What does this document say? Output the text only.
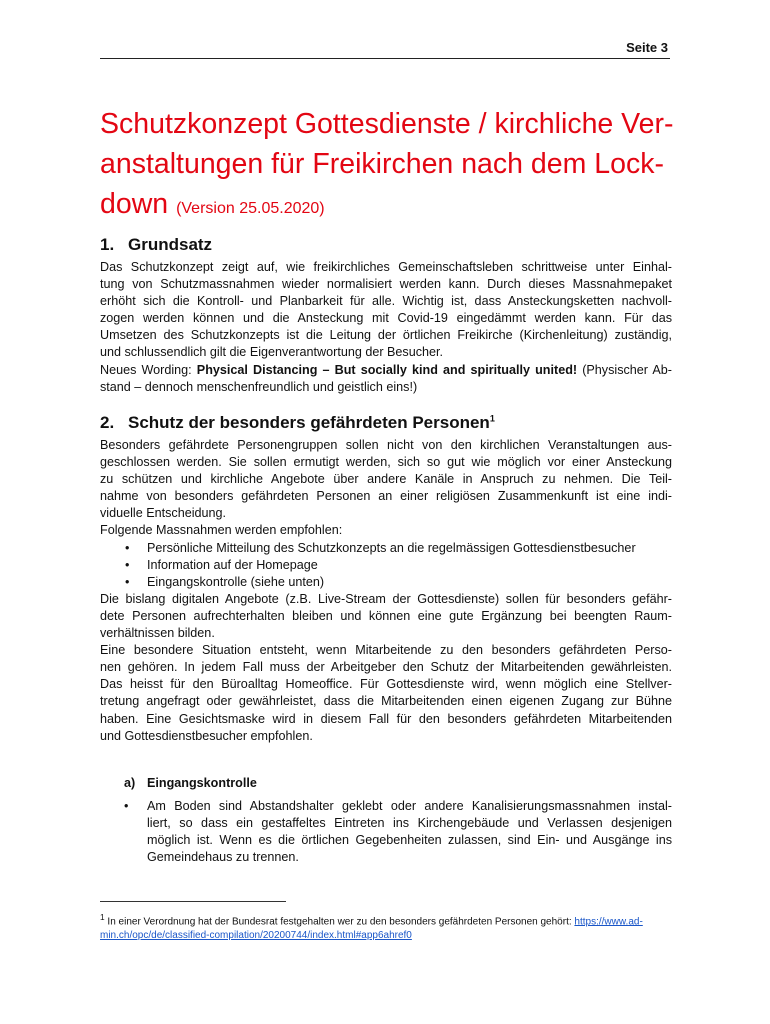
Seite 3
Schutzkonzept Gottesdienste / kirchliche Ver-
anstaltungen für Freikirchen nach dem Lock-
down (Version 25.05.2020)
1. Grundsatz
Das Schutzkonzept zeigt auf, wie freikirchliches Gemeinschaftsleben schrittweise unter Einhal-
tung von Schutzmassnahmen wieder normalisiert werden kann. Durch dieses Massnahmepaket
erhöht sich die Kontroll- und Planbarkeit für alle. Wichtig ist, dass Ansteckungsketten nachvoll-
zogen werden können und die Ansteckung mit Covid-19 eingedämmt werden kann. Für das
Umsetzen des Schutzkonzepts ist die Leitung der örtlichen Freikirche (Kirchenleitung) zuständig,
und schlussendlich gilt die Eigenverantwortung der Besucher.
Neues Wording: Physical Distancing – But socially kind and spiritually united! (Physischer Ab-
stand – dennoch menschenfreundlich und geistlich eins!)
2. Schutz der besonders gefährdeten Personen$^1$
Besonders gefährdete Personengruppen sollen nicht von den kirchlichen Veranstaltungen aus-
geschlossen werden. Sie sollen ermutigt werden, sich so gut wie möglich vor einer Ansteckung
zu schützen und kirchliche Angebote über andere Kanäle in Anspruch zu nehmen. Die Teil-
nahme von besonders gefährdeten Personen an einer religiösen Zusammenkunft ist eine indi-
viduelle Entscheidung.
Folgende Massnahmen werden empfohlen:
• Persönliche Mitteilung des Schutzkonzepts an die regelmässigen Gottesdienstbesucher
• Information auf der Homepage
• Eingangskontrolle (siehe unten)
Die bislang digitalen Angebote (z.B. Live-Stream der Gottesdienste) sollen für besonders gefähr-
dete Personen aufrechterhalten bleiben und können eine gute Ergänzung bei beengten Raum-
verhältnissen bilden.
Eine besondere Situation entsteht, wenn Mitarbeitende zu den besonders gefährdeten Perso-
nen gehören. In jedem Fall muss der Arbeitgeber den Schutz der Mitarbeitenden gewährleisten.
Das heisst für den Büroalltag Homeoffice. Für Gottesdienste wird, wenn möglich eine Stellver-
tretung angefragt oder gewährleistet, dass die Mitarbeitenden einen eigenen Zugang zur Bühne
haben. Eine Gesichtsmaske wird in diesem Fall für den besonders gefährdeten Mitarbeitenden
und Gottesdienstbesucher empfohlen.
a) Eingangskontrolle
• Am Boden sind Abstandshalter geklebt oder andere Kanalisierungsmassnahmen instal-
liert, so dass ein gestaffeltes Eintreten ins Kirchengebäude und Verlassen desjenigen
möglich ist. Wenn es die örtlichen Gegebenheiten zulassen, sind Ein- und Ausgänge ins
Gemeindehaus zu trennen.
$^1$ In einer Verordnung hat der Bundesrat festgehalten wer zu den besonders gefährdeten Personen gehört: https://www.ad-
min.ch/opc/de/classified-compilation/20200744/index.html#app6ahref0
